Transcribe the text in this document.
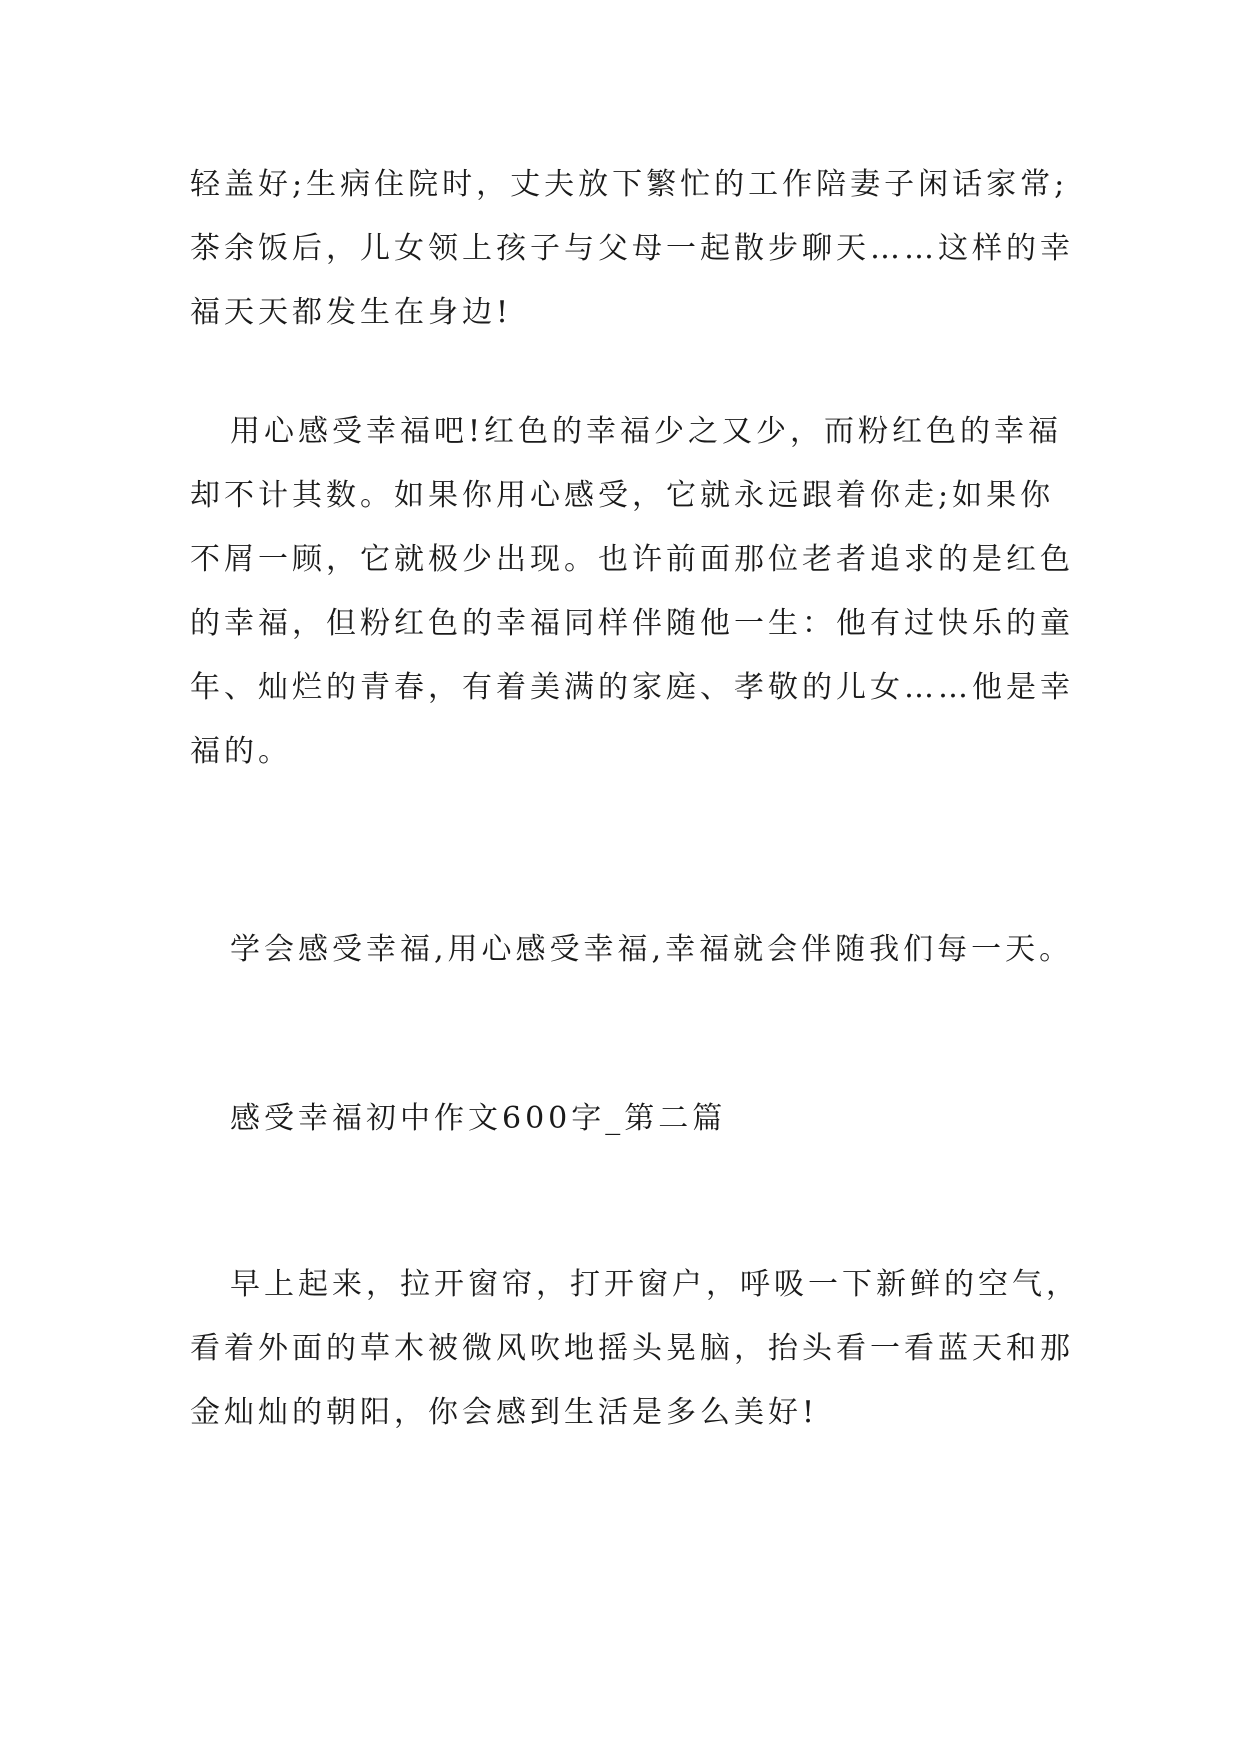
轻盖好;生病住院时，丈夫放下繁忙的工作陪妻子闲话家常;
茶余饭后，儿女领上孩子与父母一起散步聊天……这样的幸
福天天都发生在身边!
用心感受幸福吧!红色的幸福少之又少，而粉红色的幸福
却不计其数。如果你用心感受，它就永远跟着你走;如果你
不屑一顾，它就极少出现。也许前面那位老者追求的是红色
的幸福，但粉红色的幸福同样伴随他一生：他有过快乐的童
年、灿烂的青春，有着美满的家庭、孝敬的儿女……他是幸
福的。
学会感受幸福,用心感受幸福,幸福就会伴随我们每一天。
感受幸福初中作文600字_第二篇
早上起来，拉开窗帘，打开窗户，呼吸一下新鲜的空气，
看着外面的草木被微风吹地摇头晃脑，抬头看一看蓝天和那
金灿灿的朝阳，你会感到生活是多么美好!
